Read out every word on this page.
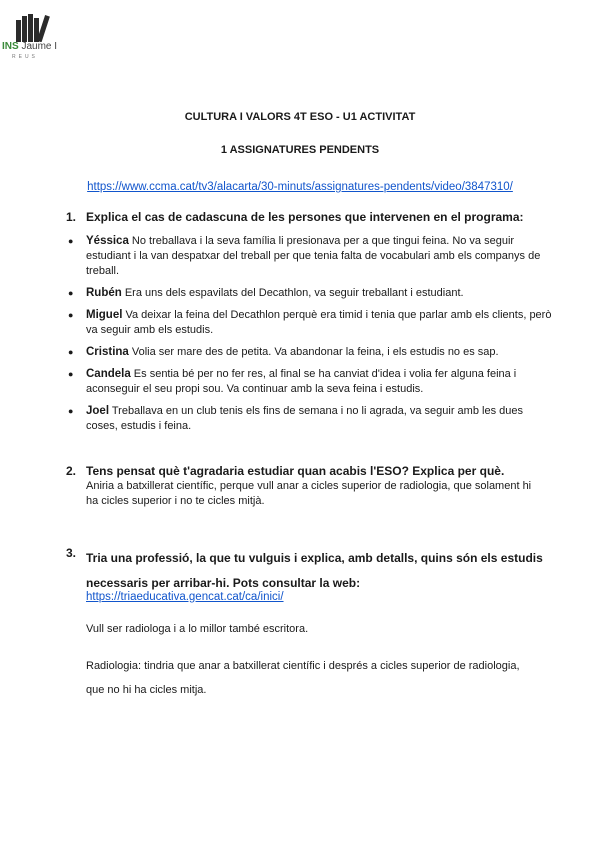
INS Jaume I
REUS
CULTURA I VALORS 4T ESO - U1 ACTIVITAT
1 ASSIGNATURES PENDENTS
https://www.ccma.cat/tv3/alacarta/30-minuts/assignatures-pendents/video/3847310/
1. Explica el cas de cadascuna de les persones que intervenen en el programa:
● Yéssica No treballava i la seva família li presionava per a que tingui feina. No va seguir estudiant i la van despatxar del treball per que tenia falta de vocabulari amb els companys de treball.
● Rubén Era uns dels espavilats del Decathlon, va seguir treballant i estudiant.
● Miguel Va deixar la feina del Decathlon perquè era timid i tenia que parlar amb els clients, però va seguir amb els estudis.
● Cristina Volia ser mare des de petita. Va abandonar la feina, i els estudis no es sap.
● Candela Es sentia bé per no fer res, al final se ha canviat d'idea i volia fer alguna feina i aconseguir el seu propi sou. Va continuar amb la seva feina i estudis.
● Joel Treballava en un club tenis els fins de semana i no li agrada, va seguir amb les dues coses, estudis i feina.
2. Tens pensat què t'agradaria estudiar quan acabis l'ESO? Explica per què.
Aniria a batxillerat científic, perque vull anar a cicles superior de radiologia, que solament hi ha cicles superior i no te cicles mitjà.
3. Tria una professió, la que tu vulguis i explica, amb detalls, quins són els estudis necessaris per arribar-hi. Pots consultar la web:
https://triaeducativa.gencat.cat/ca/inici/
Vull ser radiologa i a lo millor també escritora.
Radiologia: tindria que anar a batxillerat científic i després a cicles superior de radiologia, que no hi ha cicles mitja.
